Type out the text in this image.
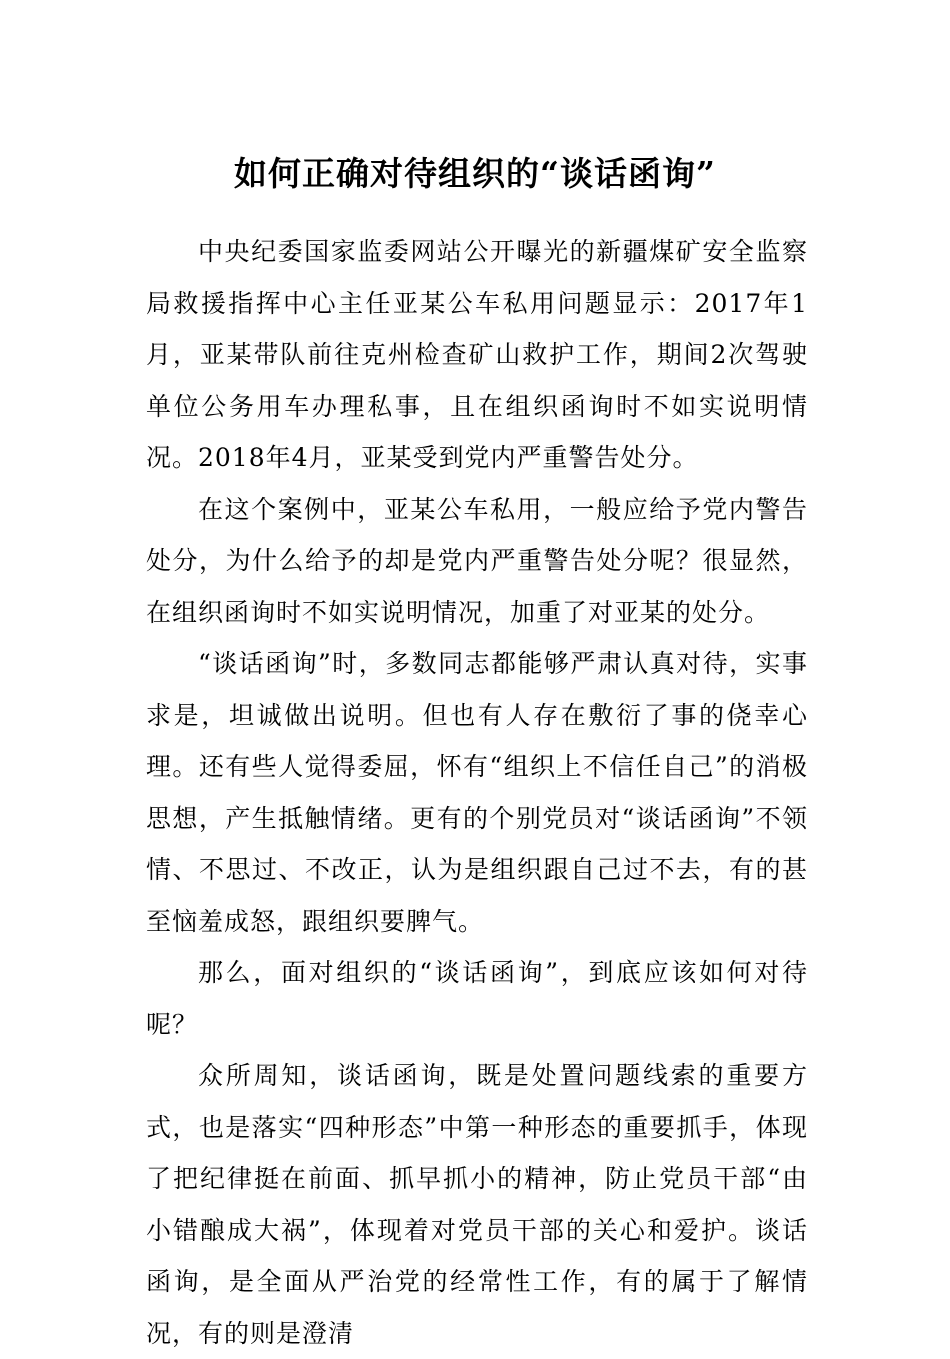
如何正确对待组织的“谈话函询”

中央纪委国家监委网站公开曝光的新疆煤矿安全监察局救援指挥中心主任亚某公车私用问题显示：2017年1月，亚某带队前往克州检查矿山救护工作，期间2次驾驶单位公务用车办理私事，且在组织函询时不如实说明情况。2018年4月，亚某受到党内严重警告处分。

在这个案例中，亚某公车私用，一般应给予党内警告处分，为什么给予的却是党内严重警告处分呢？很显然，在组织函询时不如实说明情况，加重了对亚某的处分。

“谈话函询”时，多数同志都能够严肃认真对待，实事求是，坦诚做出说明。但也有人存在敷衍了事的侥幸心理。还有些人觉得委屈，怀有“组织上不信任自己”的消极思想，产生抵触情绪。更有的个别党员对“谈话函询”不领情、不思过、不改正，认为是组织跟自己过不去，有的甚至恼羞成怒，跟组织要脾气。

那么，面对组织的“谈话函询”，到底应该如何对待呢？

众所周知，谈话函询，既是处置问题线索的重要方式，也是落实“四种形态”中第一种形态的重要抓手，体现了把纪律挺在前面、抓早抓小的精神，防止党员干部“由小错酿成大祸”，体现着对党员干部的关心和爱护。谈话函询，是全面从严治党的经常性工作，有的属于了解情况，有的则是澄清
